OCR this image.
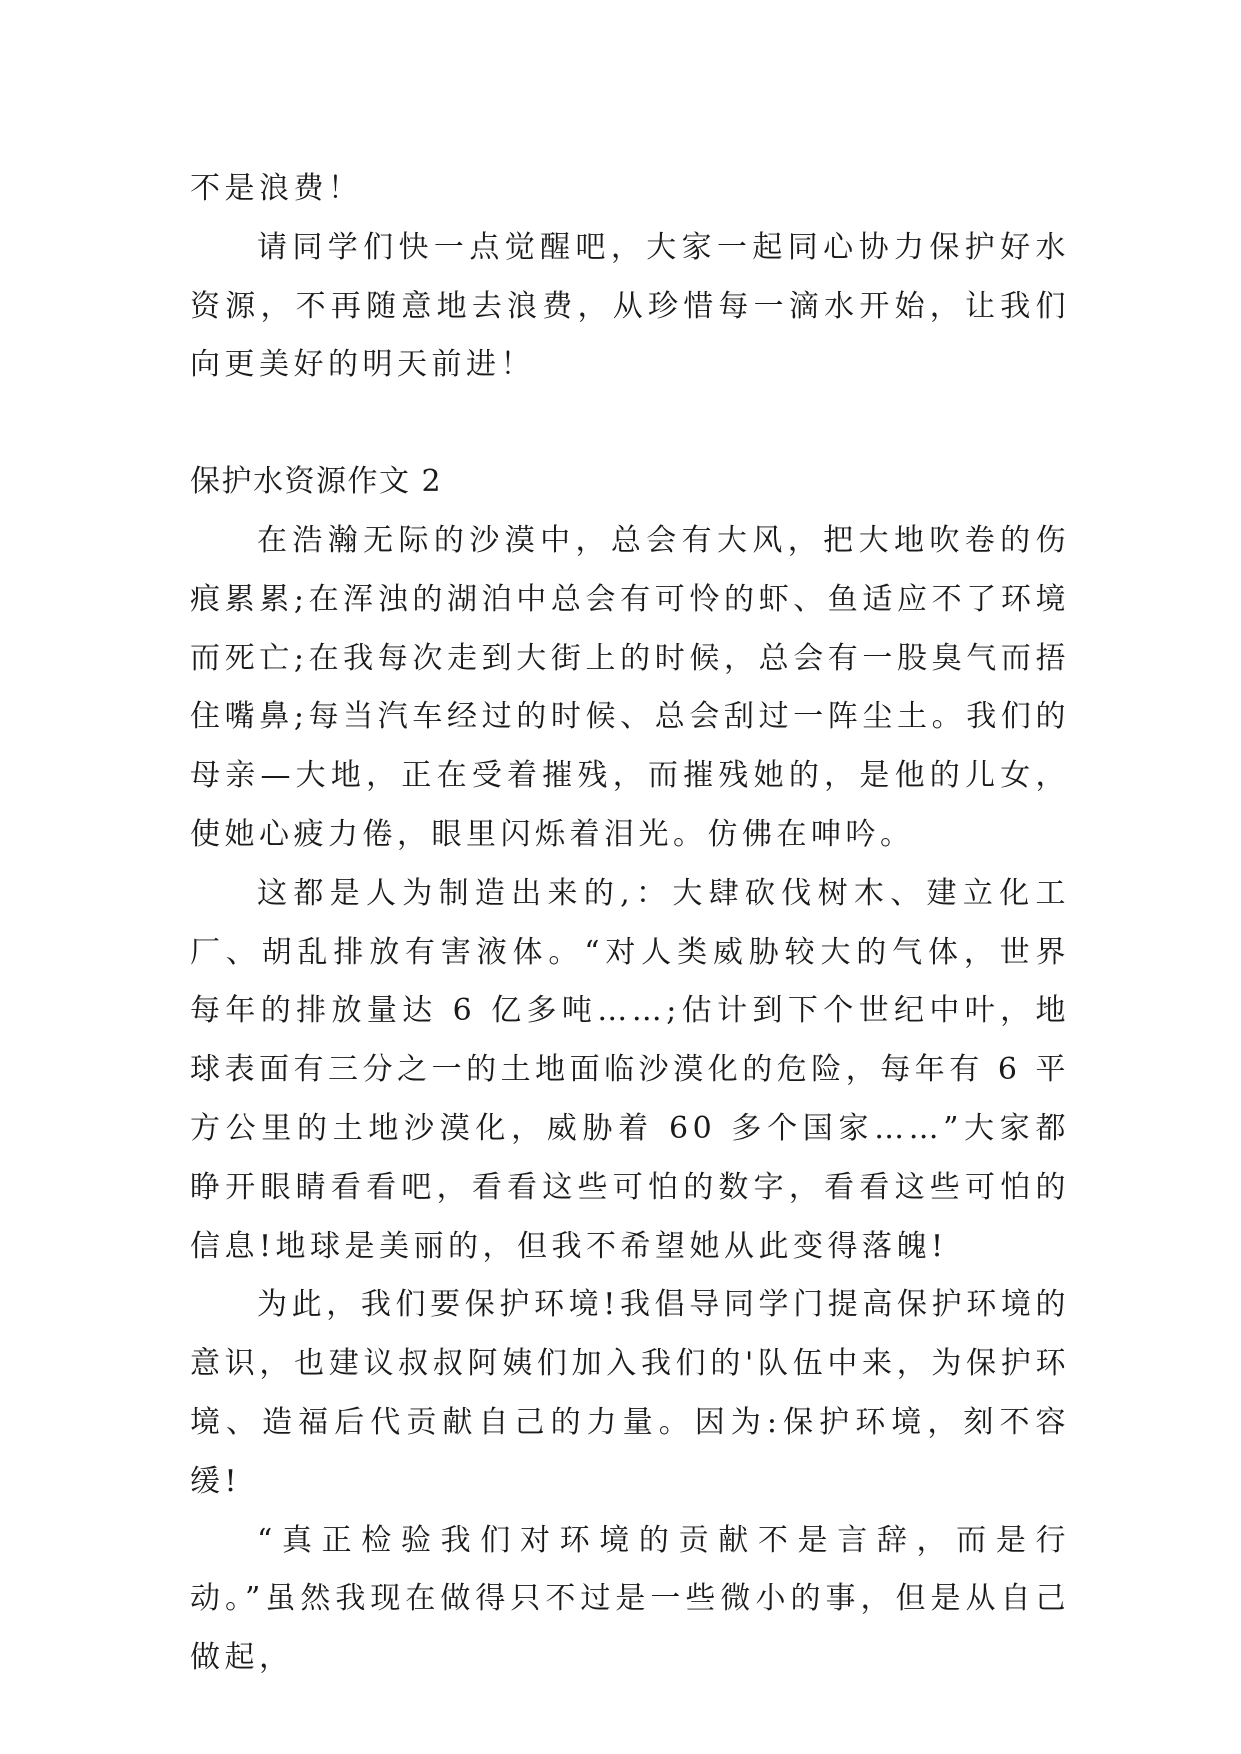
不是浪费！

请同学们快一点觉醒吧，大家一起同心协力保护好水资源，不再随意地去浪费，从珍惜每一滴水开始，让我们向更美好的明天前进！

保护水资源作文 2

在浩瀚无际的沙漠中，总会有大风，把大地吹卷的伤痕累累;在浑浊的湖泊中总会有可怜的虾、鱼适应不了环境而死亡;在我每次走到大街上的时候，总会有一股臭气而捂住嘴鼻;每当汽车经过的时候、总会刮过一阵尘土。我们的母亲—大地，正在受着摧残，而摧残她的，是他的儿女，使她心疲力倦，眼里闪烁着泪光。仿佛在呻吟。

这都是人为制造出来的,：大肆砍伐树木、建立化工厂、胡乱排放有害液体。“对人类威胁较大的气体，世界每年的排放量达 6 亿多吨……;估计到下个世纪中叶，地球表面有三分之一的土地面临沙漠化的危险，每年有 6 平方公里的土地沙漠化，威胁着 60 多个国家……”大家都睁开眼睛看看吧，看看这些可怕的数字，看看这些可怕的信息!地球是美丽的，但我不希望她从此变得落魄!

为此，我们要保护环境!我倡导同学门提高保护环境的意识，也建议叔叔阿姨们加入我们的'队伍中来，为保护环境、造福后代贡献自己的力量。因为:保护环境，刻不容缓!

“真正检验我们对环境的贡献不是言辞，而是行动。”虽然我现在做得只不过是一些微小的事，但是从自己做起，
